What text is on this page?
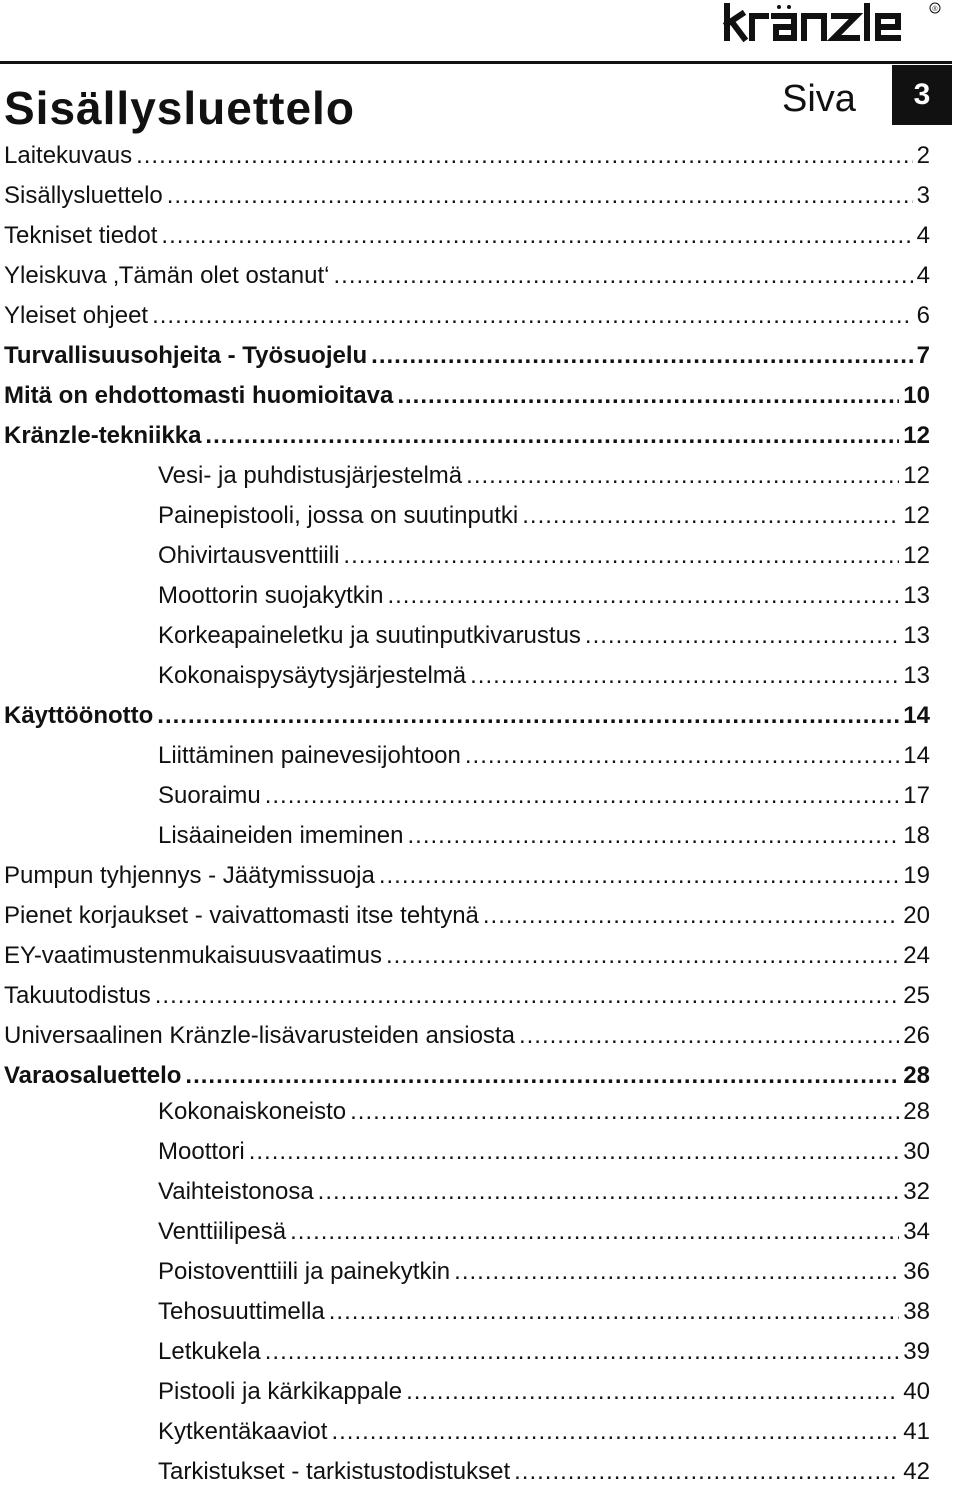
®
Sisällysluettelo	Siva	3
Laitekuvaus .....	2
Sisällysluettelo .....	3
Tekniset tiedot .....	4
Yleiskuva ‚Tämän olet ostanut‘ .....	4
Yleiset ohjeet .....	6
Turvallisuusohjeita - Työsuojelu .....	7
Mitä on ehdottomasti huomioitava .....	10
Kränzle-tekniikka .....	12
Vesi- ja puhdistusjärjestelmä .....	12
Painepistooli, jossa on suutinputki .....	12
Ohivirtausventtiili .....	12
Moottorin suojakytkin .....	13
Korkeapaineletku ja suutinputkivarustus .....	13
Kokonaispysäytysjärjestelmä .....	13
Käyttöönotto .....	14
Liittäminen painevesijohtoon .....	14
Suoraimu .....	17
Lisäaineiden imeminen .....	18
Pumpun tyhjennys - Jäätymissuoja .....	19
Pienet korjaukset - vaivattomasti itse tehtynä .....	20
EY-vaatimustenmukaisuusvaatimus .....	24
Takuutodistus .....	25
Universaalinen Kränzle-lisävarusteiden ansiosta .....	26
Varaosaluettelo .....	28
Kokonaiskoneisto .....	28
Moottori .....	30
Vaihteistonosa .....	32
Venttiilipesä .....	34
Poistoventtiili ja painekytkin .....	36
Tehosuuttimella .....	38
Letkukela .....	39
Pistooli ja kärkikappale .....	40
Kytkentäkaaviot .....	41
Tarkistukset - tarkistustodistukset .....	42
